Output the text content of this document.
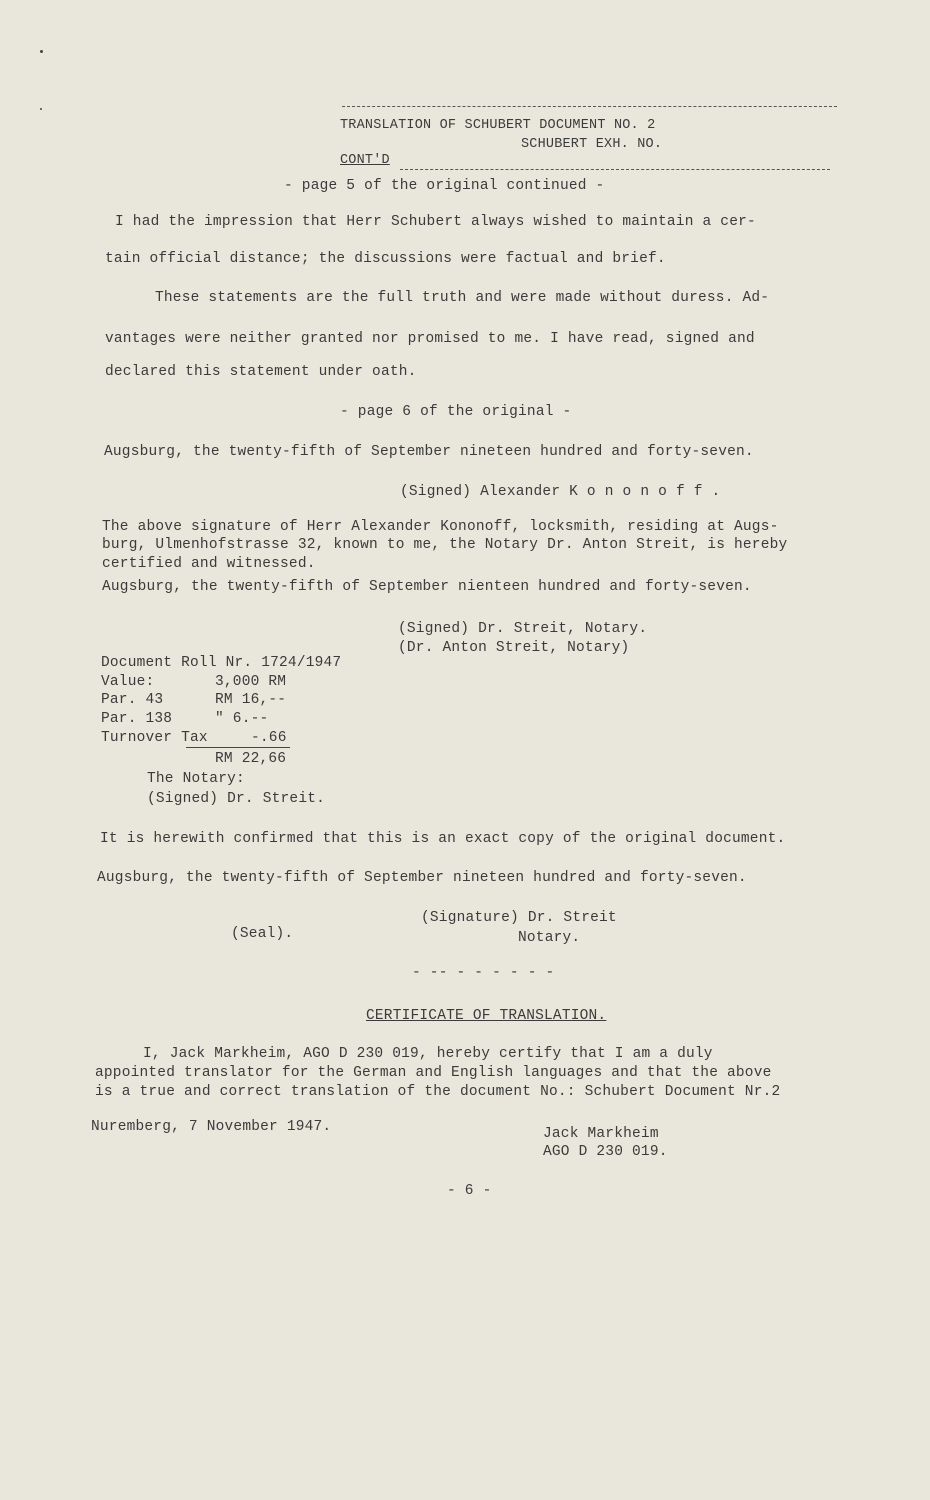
TRANSLATION OF SCHUBERT DOCUMENT NO. 2
SCHUBERT EXH. NO.
CONT'D
- page 5 of the original continued -
I had the impression that Herr Schubert always wished to maintain a cer-
tain official distance; the discussions were factual and brief.
These statements are the full truth and were made without duress. Ad-
vantages were neither granted nor promised to me. I have read, signed and
declared this statement under oath.
- page 6 of the original -
Augsburg, the twenty-fifth of September nineteen hundred and forty-seven.
(Signed) Alexander K o n o n o f f .
The above signature of Herr Alexander Kononoff, locksmith, residing at Augs-
burg, Ulmenhofstrasse 32, known to me, the Notary Dr. Anton Streit, is hereby
certified and witnessed.
Augsburg, the twenty-fifth of September nienteen hundred and forty-seven.
(Signed) Dr. Streit, Notary.
(Dr. Anton Streit, Notary)
Document Roll Nr. 1724/1947
Value:	3,000 RM
Par. 43	RM 16,--
Par. 138	" 6.--
Turnover Tax	-.66
RM 22,66
The Notary:
(Signed) Dr. Streit.
It is herewith confirmed that this is an exact copy of the original document.
Augsburg, the twenty-fifth of September nineteen hundred and forty-seven.
(Seal).
(Signature) Dr. Streit
Notary.
- -- - - - - - -
CERTIFICATE OF TRANSLATION.
I, Jack Markheim, AGO D 230 019, hereby certify that I am a duly
appointed translator for the German and English languages and that the above
is a true and correct translation of the document No.: Schubert Document Nr.2
Nuremberg, 7 November 1947.	Jack Markheim
AGO D 230 019.
- 6 -
